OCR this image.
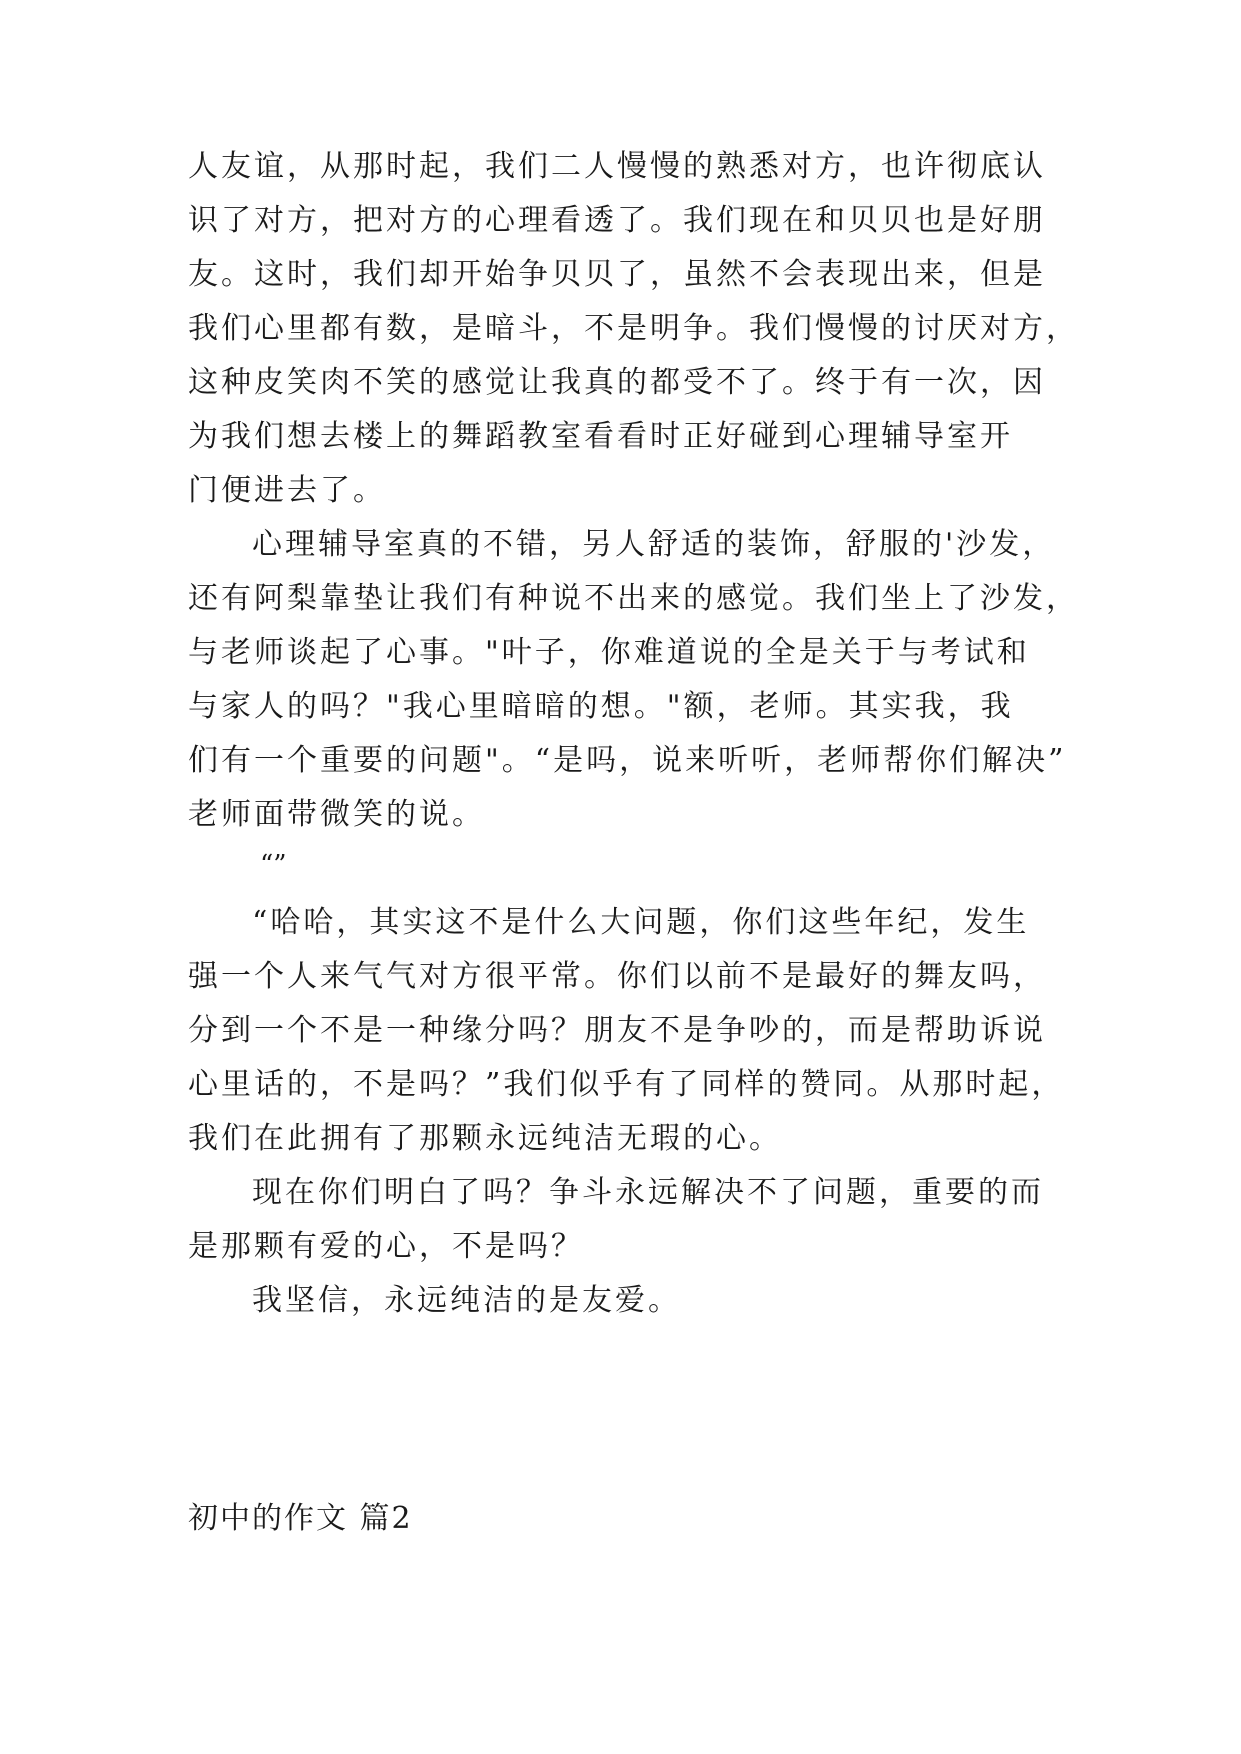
人友谊，从那时起，我们二人慢慢的熟悉对方，也许彻底认
识了对方，把对方的心理看透了。我们现在和贝贝也是好朋
友。这时，我们却开始争贝贝了，虽然不会表现出来，但是
我们心里都有数，是暗斗，不是明争。我们慢慢的讨厌对方，
这种皮笑肉不笑的感觉让我真的都受不了。终于有一次，因
为我们想去楼上的舞蹈教室看看时正好碰到心理辅导室开
门便进去了。
心理辅导室真的不错，另人舒适的装饰，舒服的'沙发，
还有阿梨靠垫让我们有种说不出来的感觉。我们坐上了沙发，
与老师谈起了心事。"叶子，你难道说的全是关于与考试和
与家人的吗？"我心里暗暗的想。"额，老师。其实我，我
们有一个重要的问题"。“是吗，说来听听，老师帮你们解决”
老师面带微笑的说。
“”
“哈哈，其实这不是什么大问题，你们这些年纪，发生
强一个人来气气对方很平常。你们以前不是最好的舞友吗，
分到一个不是一种缘分吗？朋友不是争吵的，而是帮助诉说
心里话的，不是吗？”我们似乎有了同样的赞同。从那时起，
我们在此拥有了那颗永远纯洁无瑕的心。
现在你们明白了吗？争斗永远解决不了问题，重要的而
是那颗有爱的心，不是吗？
我坚信，永远纯洁的是友爱。
初中的作文 篇2
